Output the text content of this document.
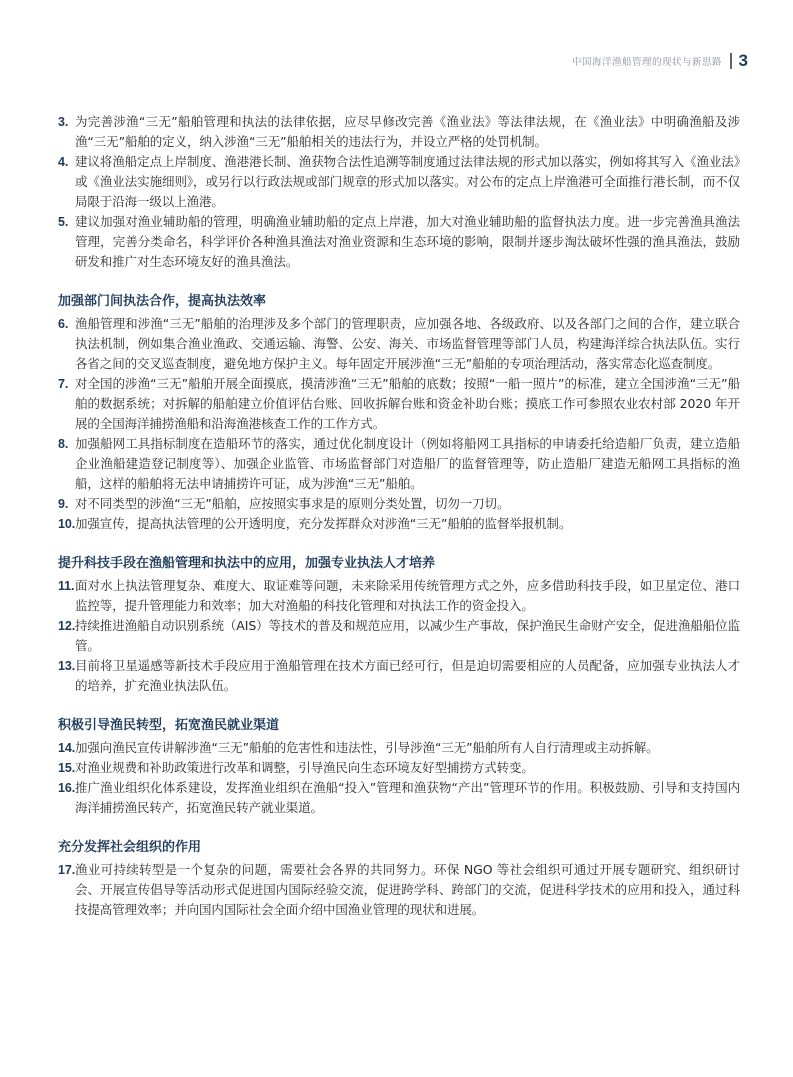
中国海洋渔船管理的现状与新思路 3
3. 为完善涉渔“三无”船舶管理和执法的法律依据，应尽早修改完善《渔业法》等法律法规，在《渔业法》中明确渔船及涉渔“三无”船舶的定义，纳入涉渔“三无”船舶相关的违法行为，并设立严格的处罚机制。
4. 建议将渔船定点上岸制度、渔港港长制、渔获物合法性追溯等制度通过法律法规的形式加以落实，例如将其写入《渔业法》或《渔业法实施细则》，或另行以行政法规或部门规章的形式加以落实。对公布的定点上岸渔港可全面推行港长制，而不仅局限于沿海一级以上渔港。
5. 建议加强对渔业辅助船的管理，明确渔业辅助船的定点上岸港，加大对渔业辅助船的监督执法力度。进一步完善渔具渔法管理，完善分类命名，科学评价各种渔具渔法对渔业资源和生态环境的影响，限制并逐步淘汰破坏性强的渔具渔法，鼓励研发和推广对生态环境友好的渔具渔法。
加强部门间执法合作，提高执法效率
6. 渔船管理和涉渔“三无”船舶的治理涉及多个部门的管理职责，应加强各地、各级政府、以及各部门之间的合作，建立联合执法机制，例如集合渔业渔政、交通运输、海警、公安、海关、市场监督管理等部门人员，构建海洋综合执法队伍。实行各省之间的交叉巡查制度，避免地方保护主义。每年固定开展涉渔“三无”船舶的专项治理活动，落实常态化巡查制度。
7. 对全国的涉渔“三无”船舶开展全面摸底，摸清涉渔“三无”船舶的底数；按照“一船一照片”的标准，建立全国涉渔“三无”船舶的数据系统；对拆解的船舶建立价值评估台账、回收拆解台账和资金补助台账；摸底工作可参照农业农村部 2020 年开展的全国海洋捕捞渔船和沿海渔港核查工作的工作方式。
8. 加强船网工具指标制度在造船环节的落实，通过优化制度设计（例如将船网工具指标的申请委托给造船厂负责，建立造船企业渔船建造登记制度等）、加强企业监管、市场监督部门对造船厂的监督管理等，防止造船厂建造无船网工具指标的渔船，这样的船舶将无法申请捕捞许可证，成为涉渔“三无”船舶。
9. 对不同类型的涉渔“三无”船舶，应按照实事求是的原则分类处置，切勿一刀切。
10. 加强宣传，提高执法管理的公开透明度，充分发挥群众对涉渔“三无”船舶的监督举报机制。
提升科技手段在渔船管理和执法中的应用，加强专业执法人才培养
11. 面对水上执法管理复杂、难度大、取证难等问题，未来除采用传统管理方式之外，应多借助科技手段，如卫星定位、港口监控等，提升管理能力和效率；加大对渔船的科技化管理和对执法工作的资金投入。
12. 持续推进渔船自动识别系统（AIS）等技术的普及和规范应用，以减少生产事故，保护渔民生命财产安全，促进渔船船位监管。
13. 目前将卫星遥感等新技术手段应用于渔船管理在技术方面已经可行，但是迫切需要相应的人员配备，应加强专业执法人才的培养，扩充渔业执法队伍。
积极引导渔民转型，拓宽渔民就业渠道
14. 加强向渔民宣传讲解涉渔“三无”船舶的危害性和违法性，引导涉渔“三无”船舶所有人自行清理或主动拆解。
15. 对渔业规费和补助政策进行改革和调整，引导渔民向生态环境友好型捕捞方式转变。
16. 推广渔业组织化体系建设，发挥渔业组织在渔船“投入”管理和渔获物“产出”管理环节的作用。积极鼓励、引导和支持国内海洋捕捞渔民转产，拓宽渔民转产就业渠道。
充分发挥社会组织的作用
17. 渔业可持续转型是一个复杂的问题，需要社会各界的共同努力。环保 NGO 等社会组织可通过开展专题研究、组织研讨会、开展宣传倡导等活动形式促进国内国际经验交流，促进跨学科、跨部门的交流，促进科学技术的应用和投入，通过科技提高管理效率；并向国内国际社会全面介绍中国渔业管理的现状和进展。
